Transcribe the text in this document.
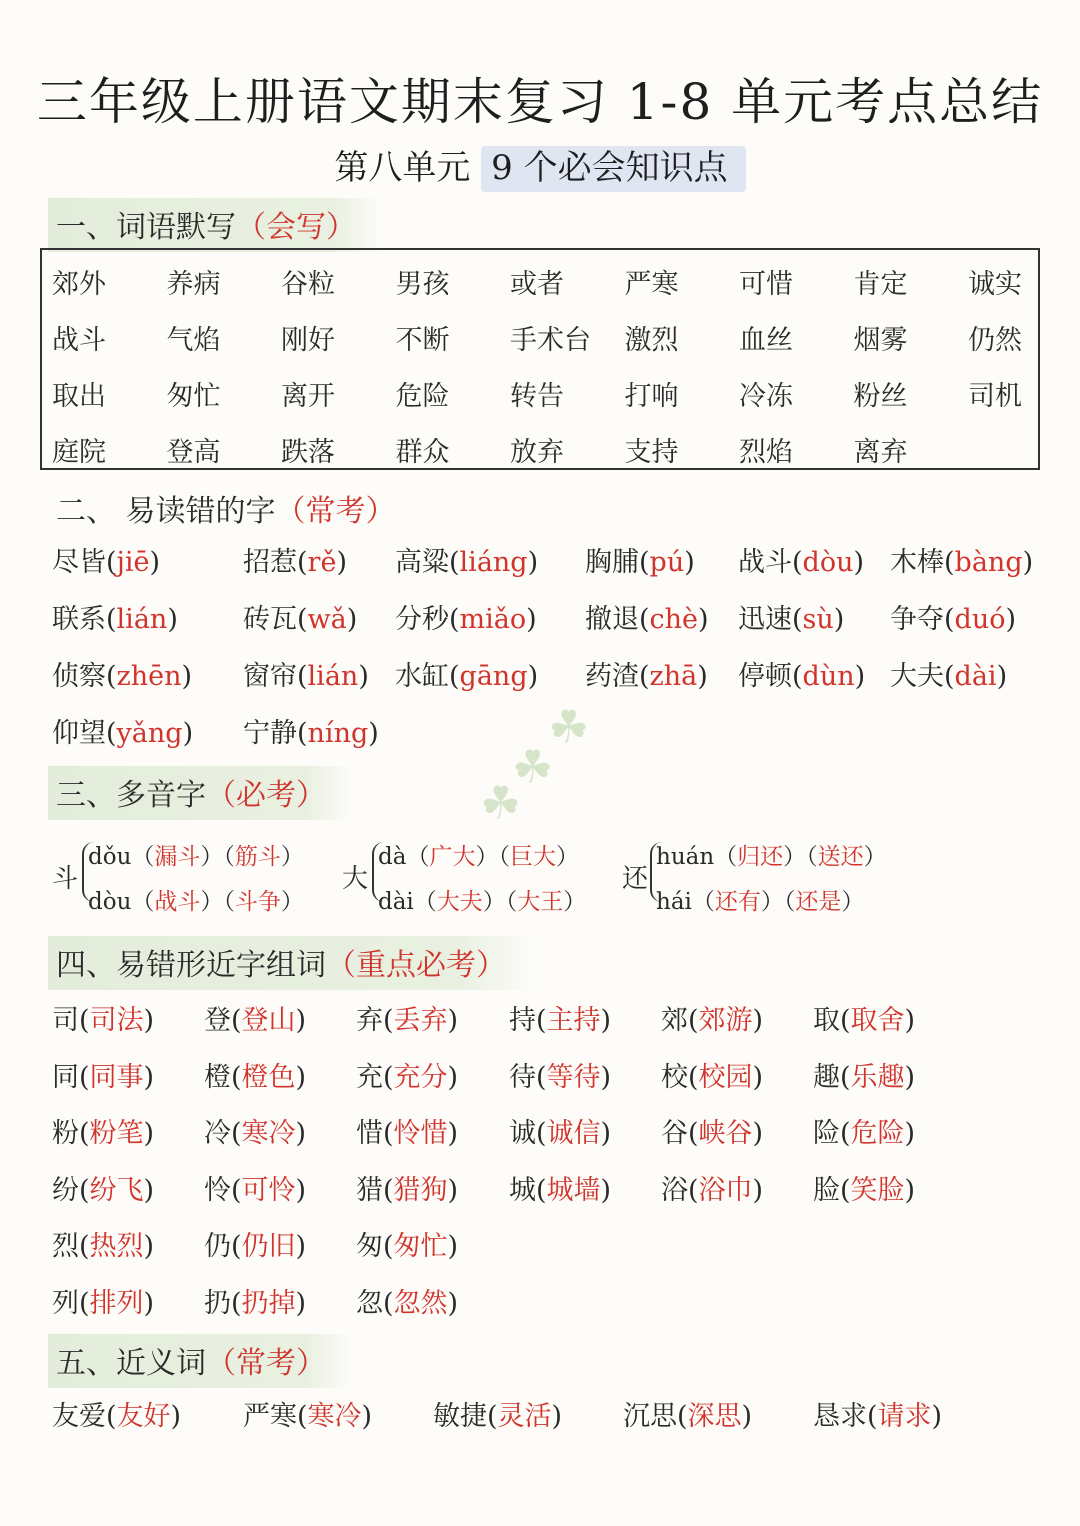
三年级上册语文期末复习 1-8 单元考点总结
第八单元 9 个必会知识点
一、词语默写（会写）
郊外 养病 谷粒 男孩 或者 严寒 可惜 肯定 诚实
战斗 气焰 刚好 不断 手术台 激烈 血丝 烟雾 仍然
取出 匆忙 离开 危险 转告 打响 冷冻 粉丝 司机
庭院 登高 跌落 群众 放弃 支持 烈焰 离弃
二、 易读错的字（常考）
尽皆(jiē)	招惹(rě) 高粱(liáng) 胸脯(pú) 战斗(dòu) 木棒(bàng)
联系(lián) 砖瓦(wǎ) 分秒(miǎo) 撤退(chè) 迅速(sù) 争夺(duó)
侦察(zhēn) 窗帘(lián) 水缸(gāng) 药渣(zhā) 停顿(dùn) 大夫(dài)
仰望(yǎng) 宁静(níng)	☘
☘
☘
三、多音字（必考）
斗
dǒu（漏斗）（筋斗）
dòu（战斗）（斗争）
大
dà（广大）（巨大）
dài（大夫）（大王）
还
huán（归还）（送还）
hái（还有）（还是）
四、易错形近字组词（重点必考）
司(司法) 登(登山) 弃(丢弃) 持(主持) 郊(郊游) 取(取舍)
同(同事) 橙(橙色) 充(充分) 待(等待) 校(校园) 趣(乐趣)
粉(粉笔) 冷(寒冷) 惜(怜惜) 诚(诚信) 谷(峡谷) 险(危险)
纷(纷飞) 怜(可怜) 猎(猎狗) 城(城墙) 浴(浴巾) 脸(笑脸)
烈(热烈) 仍(仍旧) 匆(匆忙)
列(排列) 扔(扔掉) 忽(忽然)
五、近义词（常考）
友爱(友好) 严寒(寒冷) 敏捷(灵活) 沉思(深思) 恳求(请求)
